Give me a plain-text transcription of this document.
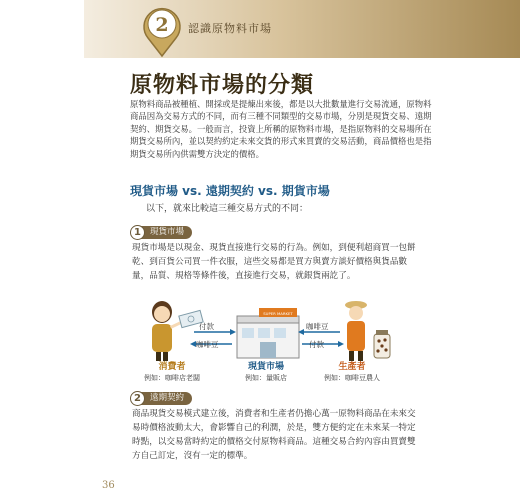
2 認識原物料市場
原物料市場的分類
原物料商品被種植、開採或是提煉出來後，都是以大批數量進行交易流通，原物料商品因為交易方式的不同，而有三種不同類型的交易市場，分別是現貨交易、遠期契約、期貨交易。一般而言，投資上所稱的原物料市場，是指原物料的交易場所在期貨交易所內，並以契約約定未來交貨的形式來買賣的交易活動，商品價格也是指期貨交易所內供需雙方決定的價格。
現貨市場 vs. 遠期契約 vs. 期貨市場
以下，就來比較這三種交易方式的不同：
1	現貨市場
現貨市場是以現金、現貨直接進行交易的行為。例如，到便利超商買一包餅乾、到百貨公司買一件衣服，這些交易都是買方與賣方談好價格與貨品數量，品質、規格等條件後，直接進行交易，就銀貨兩訖了。
SUPER MARKET
付款
咖啡豆
咖啡豆
付款
消費者
例如：咖啡店老闆
現貨市場
例如：量販店
生產者
例如：咖啡豆農人
2	遠期契約
商品現貨交易模式建立後，消費者和生產者仍擔心萬一原物料商品在未來交易時價格波動太大，會影響自己的利潤，於是，雙方便約定在未來某一特定時點，以交易當時約定的價格交付原物料商品。這種交易合約內容由買賣雙方自己訂定，沒有一定的標準。
36
